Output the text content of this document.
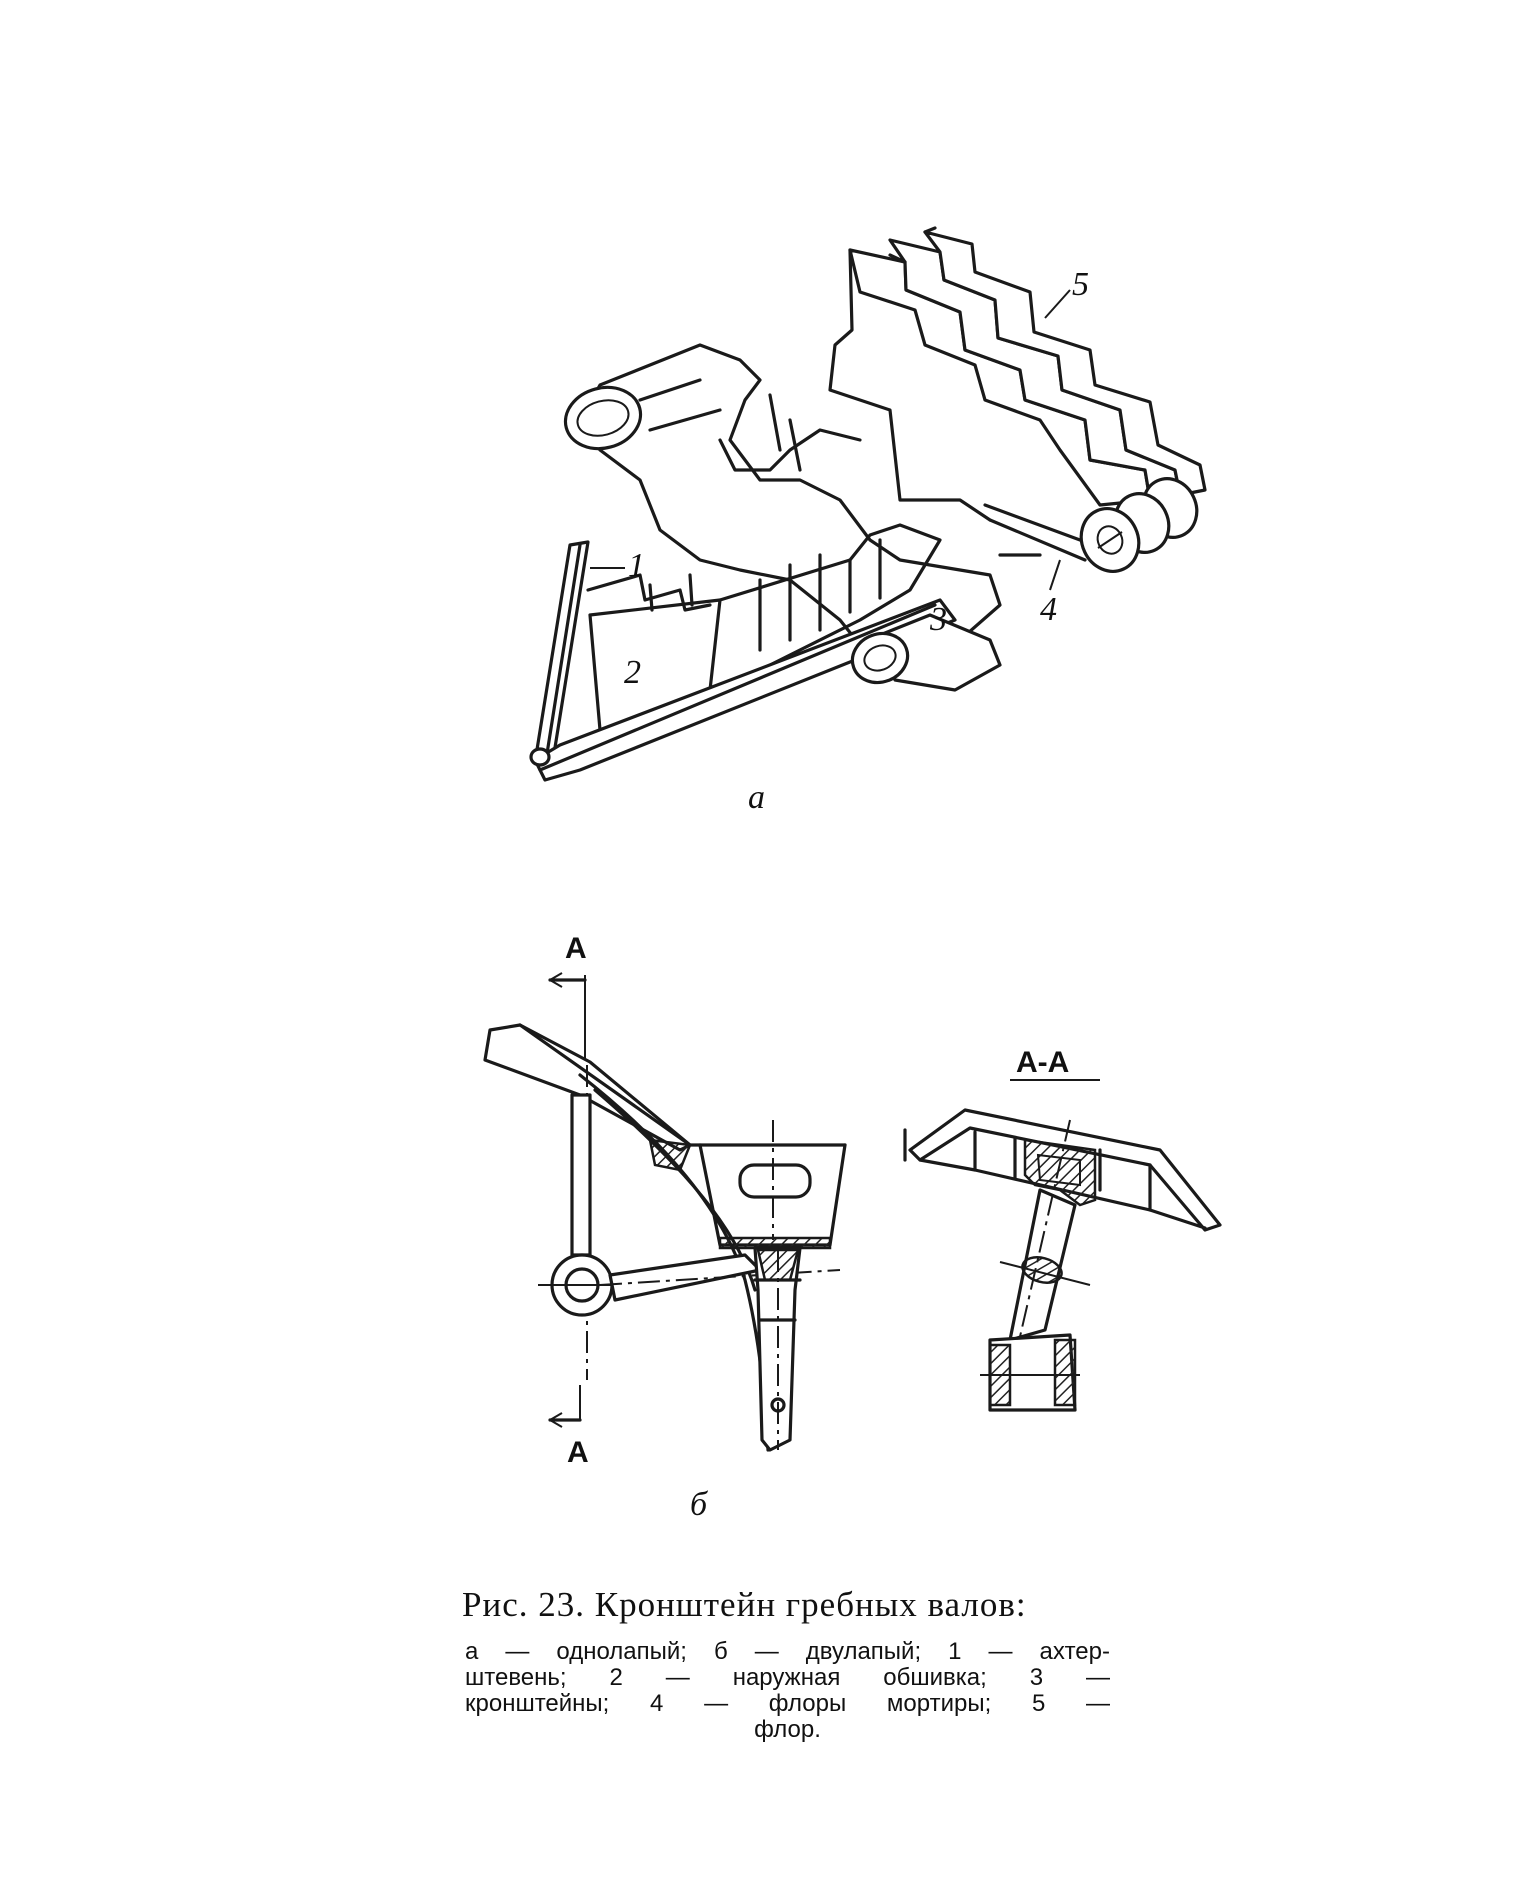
1
2
3	4
5
a
A
A
б
A-A
Рис. 23. Кронштейн гребных валов:
а — однолапый; б — двулапый; 1 — ахтер-
штевень; 2 — наружная обшивка; 3 —
кронштейны; 4 — флоры мортиры; 5 —
флор.
